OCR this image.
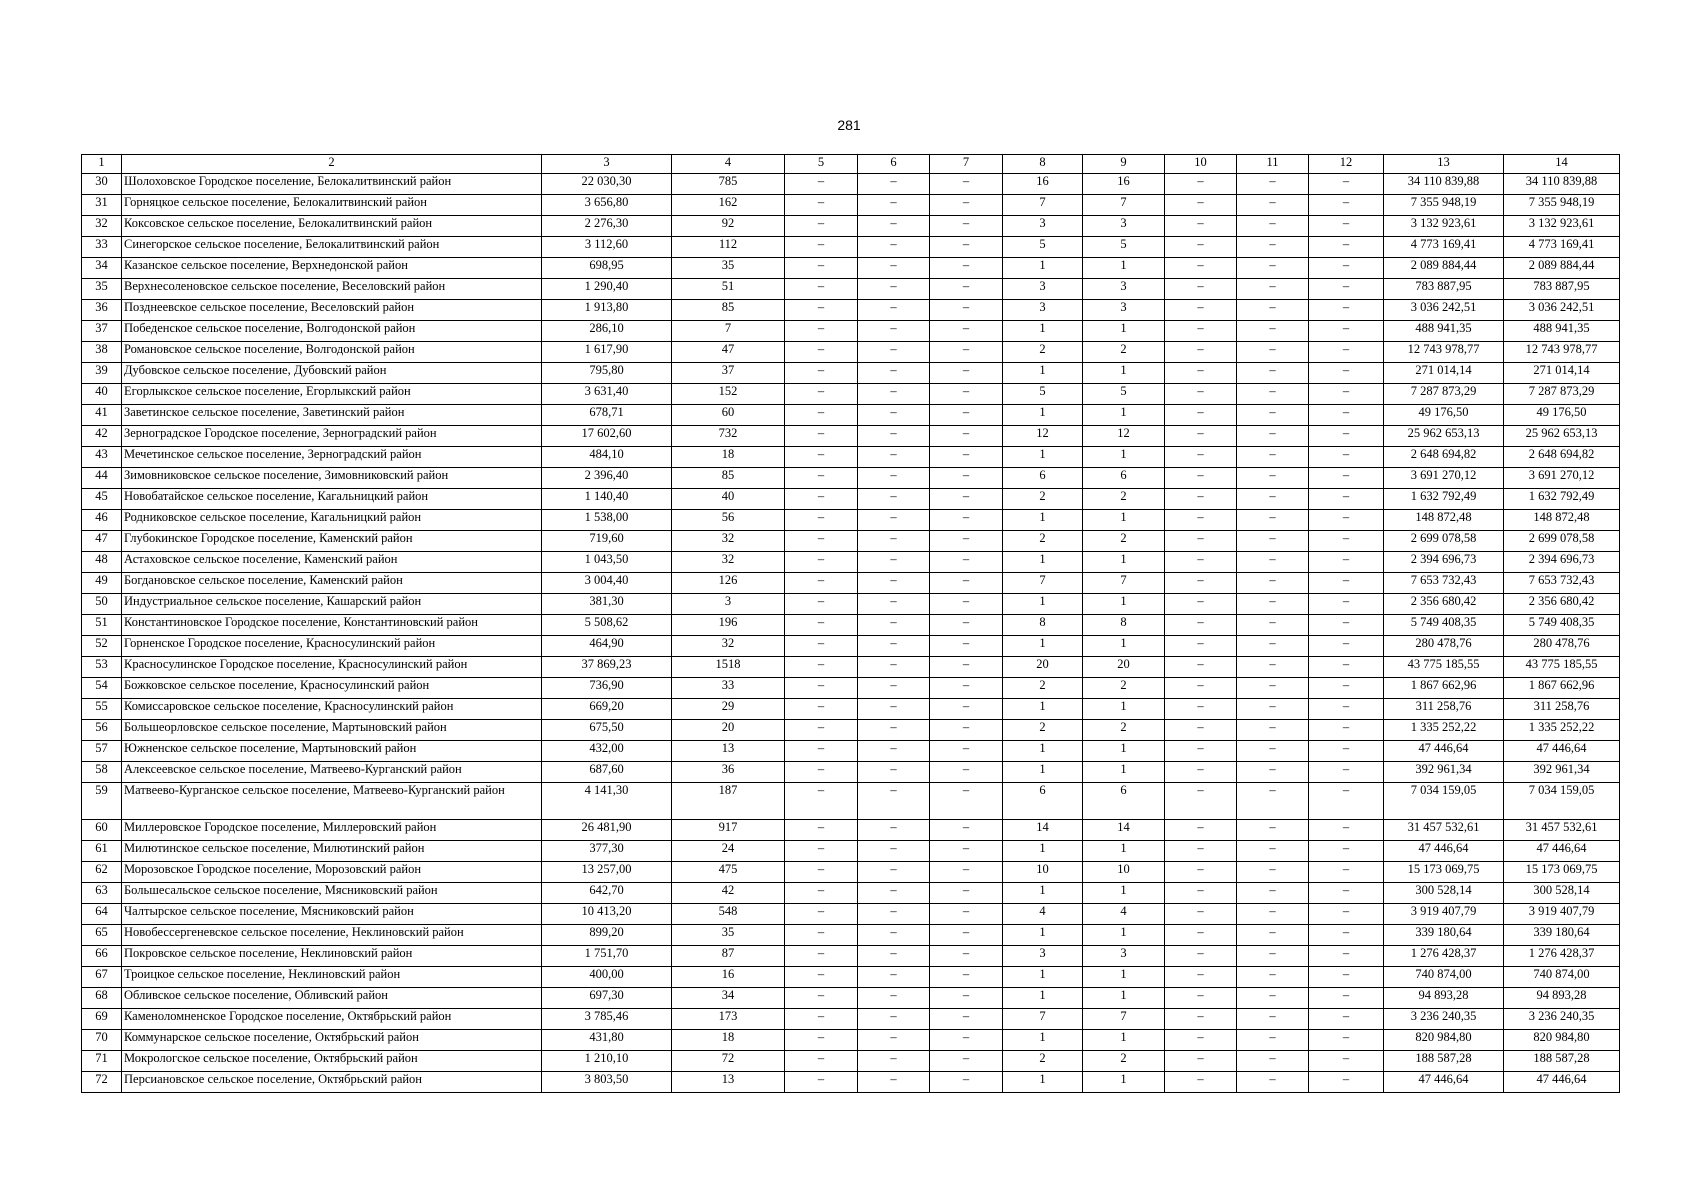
281
1	2	3	4	5	6	7	8	9	10	11	12	13	14
30	Шолоховское Городское поселение, Белокалитвинский район	22 030,30	785	–	–	–	16	16	–	–	–	34 110 839,88	34 110 839,88
31	Горняцкое сельское поселение, Белокалитвинский район	3 656,80	162	–	–	–	7	7	–	–	–	7 355 948,19	7 355 948,19
32	Коксовское сельское поселение, Белокалитвинский район	2 276,30	92	–	–	–	3	3	–	–	–	3 132 923,61	3 132 923,61
33	Синегорское сельское поселение, Белокалитвинский район	3 112,60	112	–	–	–	5	5	–	–	–	4 773 169,41	4 773 169,41
34	Казанское сельское поселение, Верхнедонской район	698,95	35	–	–	–	1	1	–	–	–	2 089 884,44	2 089 884,44
35	Верхнесоленовское сельское поселение, Веселовский район	1 290,40	51	–	–	–	3	3	–	–	–	783 887,95	783 887,95
36	Позднеевское сельское поселение, Веселовский район	1 913,80	85	–	–	–	3	3	–	–	–	3 036 242,51	3 036 242,51
37	Победенское сельское поселение, Волгодонской район	286,10	7	–	–	–	1	1	–	–	–	488 941,35	488 941,35
38	Романовское сельское поселение, Волгодонской район	1 617,90	47	–	–	–	2	2	–	–	–	12 743 978,77	12 743 978,77
39	Дубовское сельское поселение, Дубовский район	795,80	37	–	–	–	1	1	–	–	–	271 014,14	271 014,14
40	Егорлыкское сельское поселение, Егорлыкский район	3 631,40	152	–	–	–	5	5	–	–	–	7 287 873,29	7 287 873,29
41	Заветинское сельское поселение, Заветинский район	678,71	60	–	–	–	1	1	–	–	–	49 176,50	49 176,50
42	Зерноградское Городское поселение, Зерноградский район	17 602,60	732	–	–	–	12	12	–	–	–	25 962 653,13	25 962 653,13
43	Мечетинское сельское поселение, Зерноградский район	484,10	18	–	–	–	1	1	–	–	–	2 648 694,82	2 648 694,82
44	Зимовниковское сельское поселение, Зимовниковский район	2 396,40	85	–	–	–	6	6	–	–	–	3 691 270,12	3 691 270,12
45	Новобатайское сельское поселение, Кагальницкий район	1 140,40	40	–	–	–	2	2	–	–	–	1 632 792,49	1 632 792,49
46	Родниковское сельское поселение, Кагальницкий район	1 538,00	56	–	–	–	1	1	–	–	–	148 872,48	148 872,48
47	Глубокинское Городское поселение, Каменский район	719,60	32	–	–	–	2	2	–	–	–	2 699 078,58	2 699 078,58
48	Астаховское сельское поселение, Каменский район	1 043,50	32	–	–	–	1	1	–	–	–	2 394 696,73	2 394 696,73
49	Богдановское сельское поселение, Каменский район	3 004,40	126	–	–	–	7	7	–	–	–	7 653 732,43	7 653 732,43
50	Индустриальное сельское поселение, Кашарский район	381,30	3	–	–	–	1	1	–	–	–	2 356 680,42	2 356 680,42
51	Константиновское Городское поселение, Константиновский район	5 508,62	196	–	–	–	8	8	–	–	–	5 749 408,35	5 749 408,35
52	Горненское Городское поселение, Красносулинский район	464,90	32	–	–	–	1	1	–	–	–	280 478,76	280 478,76
53	Красносулинское Городское поселение, Красносулинский район	37 869,23	1518	–	–	–	20	20	–	–	–	43 775 185,55	43 775 185,55
54	Божковское сельское поселение, Красносулинский район	736,90	33	–	–	–	2	2	–	–	–	1 867 662,96	1 867 662,96
55	Комиссаровское сельское поселение, Красносулинский район	669,20	29	–	–	–	1	1	–	–	–	311 258,76	311 258,76
56	Большеорловское сельское поселение, Мартыновский район	675,50	20	–	–	–	2	2	–	–	–	1 335 252,22	1 335 252,22
57	Южненское сельское поселение, Мартыновский район	432,00	13	–	–	–	1	1	–	–	–	47 446,64	47 446,64
58	Алексеевское сельское поселение, Матвеево-Курганский район	687,60	36	–	–	–	1	1	–	–	–	392 961,34	392 961,34
59	Матвеево-Курганское сельское поселение, Матвеево-Курганский район	4 141,30	187	–	–	–	6	6	–	–	–	7 034 159,05	7 034 159,05
60	Миллеровское Городское поселение, Миллеровский район	26 481,90	917	–	–	–	14	14	–	–	–	31 457 532,61	31 457 532,61
61	Милютинское сельское поселение, Милютинский район	377,30	24	–	–	–	1	1	–	–	–	47 446,64	47 446,64
62	Морозовское Городское поселение, Морозовский район	13 257,00	475	–	–	–	10	10	–	–	–	15 173 069,75	15 173 069,75
63	Большесальское сельское поселение, Мясниковский район	642,70	42	–	–	–	1	1	–	–	–	300 528,14	300 528,14
64	Чалтырское сельское поселение, Мясниковский район	10 413,20	548	–	–	–	4	4	–	–	–	3 919 407,79	3 919 407,79
65	Новобессергеневское сельское поселение, Неклиновский район	899,20	35	–	–	–	1	1	–	–	–	339 180,64	339 180,64
66	Покровское сельское поселение, Неклиновский район	1 751,70	87	–	–	–	3	3	–	–	–	1 276 428,37	1 276 428,37
67	Троицкое сельское поселение, Неклиновский район	400,00	16	–	–	–	1	1	–	–	–	740 874,00	740 874,00
68	Обливское сельское поселение, Обливский район	697,30	34	–	–	–	1	1	–	–	–	94 893,28	94 893,28
69	Каменоломненское Городское поселение, Октябрьский район	3 785,46	173	–	–	–	7	7	–	–	–	3 236 240,35	3 236 240,35
70	Коммунарское сельское поселение, Октябрьский район	431,80	18	–	–	–	1	1	–	–	–	820 984,80	820 984,80
71	Мокрологское сельское поселение, Октябрьский район	1 210,10	72	–	–	–	2	2	–	–	–	188 587,28	188 587,28
72	Персиановское сельское поселение, Октябрьский район	3 803,50	13	–	–	–	1	1	–	–	–	47 446,64	47 446,64
